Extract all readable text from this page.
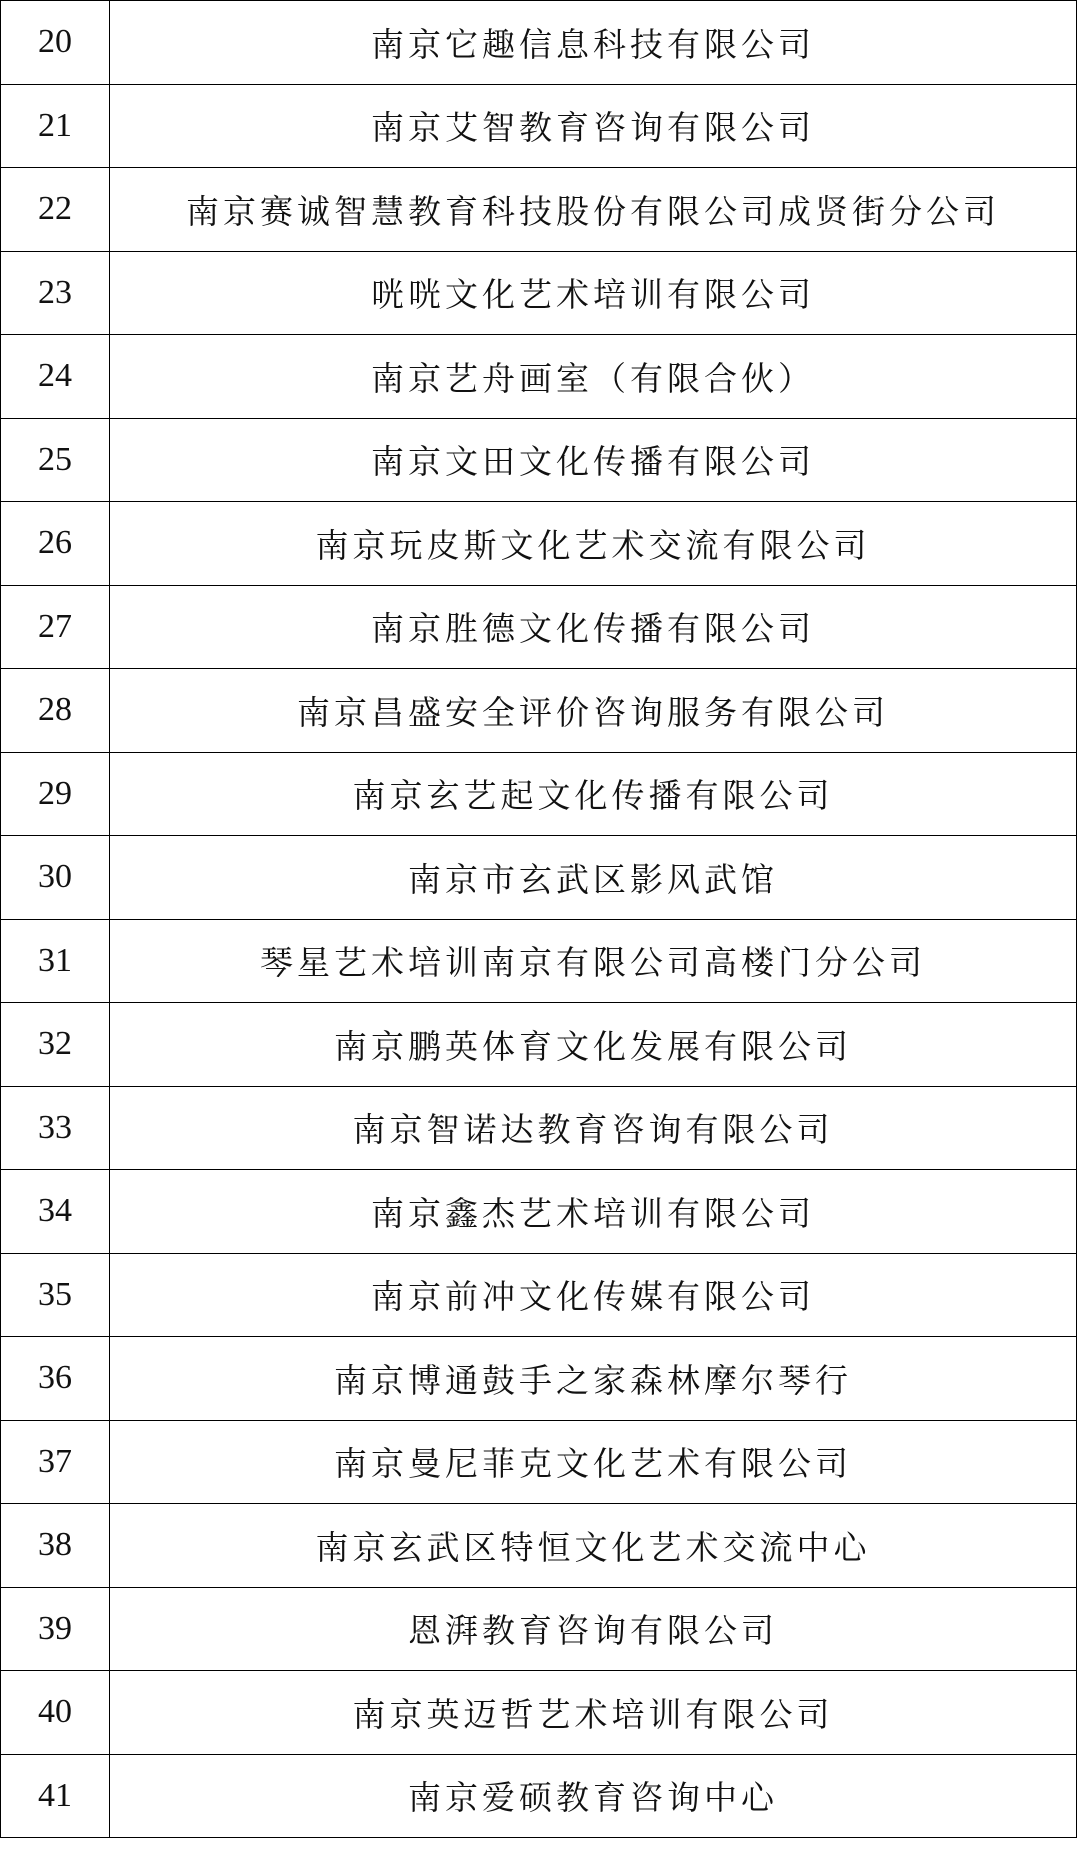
20	南京它趣信息科技有限公司
21	南京艾智教育咨询有限公司
22	南京赛诚智慧教育科技股份有限公司成贤街分公司
23	咣咣文化艺术培训有限公司
24	南京艺舟画室（有限合伙）
25	南京文田文化传播有限公司
26	南京玩皮斯文化艺术交流有限公司
27	南京胜德文化传播有限公司
28	南京昌盛安全评价咨询服务有限公司
29	南京玄艺起文化传播有限公司
30	南京市玄武区影风武馆
31	琴星艺术培训南京有限公司高楼门分公司
32	南京鹏英体育文化发展有限公司
33	南京智诺达教育咨询有限公司
34	南京鑫杰艺术培训有限公司
35	南京前冲文化传媒有限公司
36	南京博通鼓手之家森林摩尔琴行
37	南京曼尼菲克文化艺术有限公司
38	南京玄武区特恒文化艺术交流中心
39	恩湃教育咨询有限公司
40	南京英迈哲艺术培训有限公司
41	南京爱硕教育咨询中心
